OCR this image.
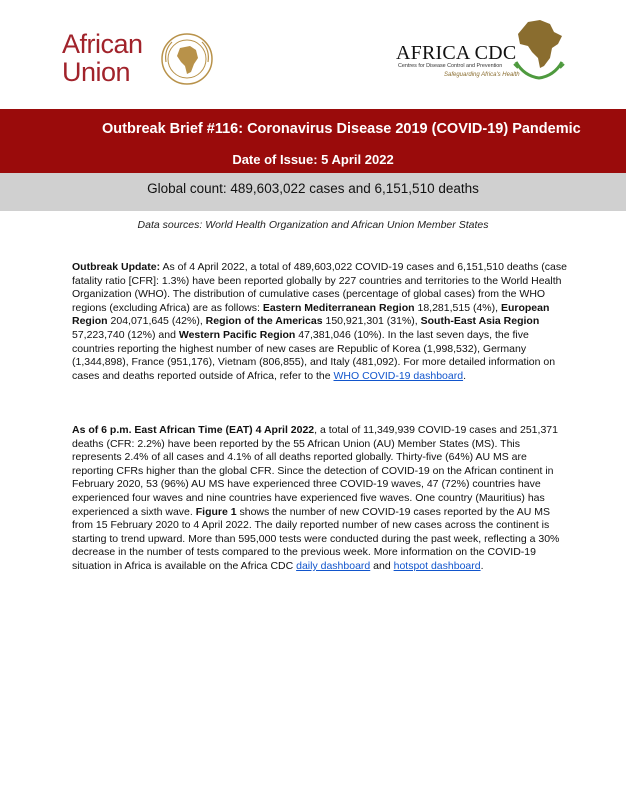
African
Union
AFRICA CDC
Centres for Disease Control and Prevention
Safeguarding Africa's Health
Outbreak Brief #116: Coronavirus Disease 2019 (COVID-19) Pandemic
Date of Issue: 5 April 2022
Global count: 489,603,022 cases and 6,151,510 deaths
Data sources: World Health Organization and African Union Member States

Outbreak Update: As of 4 April 2022, a total of 489,603,022 COVID-19 cases and 6,151,510 deaths (case fatality ratio [CFR]: 1.3%) have been reported globally by 227 countries and territories to the World Health Organization (WHO). The distribution of cumulative cases (percentage of global cases) from the WHO regions (excluding Africa) are as follows: Eastern Mediterranean Region 18,281,515 (4%), European Region 204,071,645 (42%), Region of the Americas 150,921,301 (31%), South-East Asia Region 57,223,740 (12%) and Western Pacific Region 47,381,046 (10%). In the last seven days, the five countries reporting the highest number of new cases are Republic of Korea (1,998,532), Germany (1,344,898), France (951,176), Vietnam (806,855), and Italy (481,092). For more detailed information on cases and deaths reported outside of Africa, refer to the WHO COVID-19 dashboard.

As of 6 p.m. East African Time (EAT) 4 April 2022, a total of 11,349,939 COVID-19 cases and 251,371 deaths (CFR: 2.2%) have been reported by the 55 African Union (AU) Member States (MS). This represents 2.4% of all cases and 4.1% of all deaths reported globally. Thirty-five (64%) AU MS are reporting CFRs higher than the global CFR. Since the detection of COVID-19 on the African continent in February 2020, 53 (96%) AU MS have experienced three COVID-19 waves, 47 (72%) countries have experienced four waves and nine countries have experienced five waves. One country (Mauritius) has experienced a sixth wave. Figure 1 shows the number of new COVID-19 cases reported by the AU MS from 15 February 2020 to 4 April 2022. The daily reported number of new cases across the continent is starting to trend upward. More than 595,000 tests were conducted during the past week, reflecting a 30% decrease in the number of tests compared to the previous week. More information on the COVID-19 situation in Africa is available on the Africa CDC daily dashboard and hotspot dashboard.
